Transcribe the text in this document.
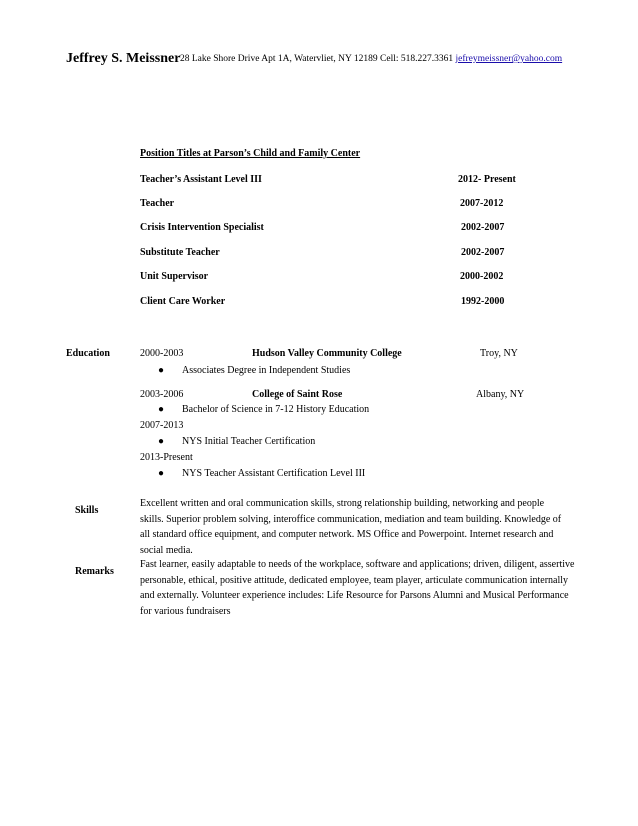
Jeffrey S. Meissner 28 Lake Shore Drive Apt 1A, Watervliet, NY 12189 Cell: 518.227.3361 jefreymeissner@yahoo.com
Position Titles at Parson’s Child and Family Center
Teacher’s Assistant Level III	2012- Present
Teacher	2007-2012
Crisis Intervention Specialist	2002-2007
Substitute Teacher	2002-2007
Unit Supervisor	2000-2002
Client Care Worker	1992-2000
Education	2000-2003	Hudson Valley Community College	Troy, NY
● Associates Degree in Independent Studies
2003-2006	College of Saint Rose	Albany, NY
● Bachelor of Science in 7-12 History Education
2007-2013
● NYS Initial Teacher Certification
2013-Present
● NYS Teacher Assistant Certification Level III
Skills
Excellent written and oral communication skills, strong relationship building, networking and people
skills. Superior problem solving, interoffice communication, mediation and team building. Knowledge of
all standard office equipment, and computer network. MS Office and Powerpoint. Internet research and
social media.
Remarks
Fast learner, easily adaptable to needs of the workplace, software and applications; driven, diligent, assertive
personable, ethical, positive attitude, dedicated employee, team player, articulate communication internally
and externally. Volunteer experience includes: Life Resource for Parsons Alumni and Musical Performance
for various fundraisers
